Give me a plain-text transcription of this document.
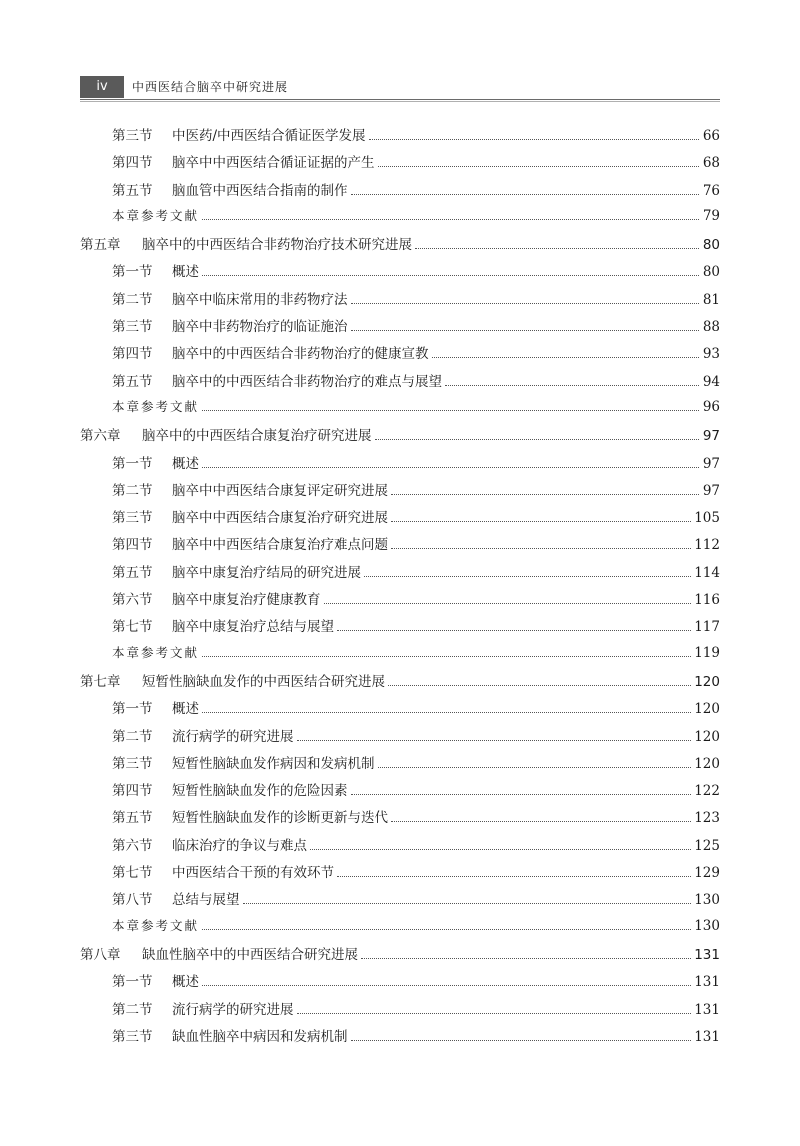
iv	中西医结合脑卒中研究进展
第三节	中医药/中西医结合循证医学发展	66
第四节	脑卒中中西医结合循证证据的产生	68
第五节	脑血管中西医结合指南的制作	76
本章参考文献	79
第五章	脑卒中的中西医结合非药物治疗技术研究进展	80
第一节	概述	80
第二节	脑卒中临床常用的非药物疗法	81
第三节	脑卒中非药物治疗的临证施治	88
第四节	脑卒中的中西医结合非药物治疗的健康宣教	93
第五节	脑卒中的中西医结合非药物治疗的难点与展望	94
本章参考文献	96
第六章	脑卒中的中西医结合康复治疗研究进展	97
第一节	概述	97
第二节	脑卒中中西医结合康复评定研究进展	97
第三节	脑卒中中西医结合康复治疗研究进展	105
第四节	脑卒中中西医结合康复治疗难点问题	112
第五节	脑卒中康复治疗结局的研究进展	114
第六节	脑卒中康复治疗健康教育	116
第七节	脑卒中康复治疗总结与展望	117
本章参考文献	119
第七章	短暂性脑缺血发作的中西医结合研究进展	120
第一节	概述	120
第二节	流行病学的研究进展	120
第三节	短暂性脑缺血发作病因和发病机制	120
第四节	短暂性脑缺血发作的危险因素	122
第五节	短暂性脑缺血发作的诊断更新与迭代	123
第六节	临床治疗的争议与难点	125
第七节	中西医结合干预的有效环节	129
第八节	总结与展望	130
本章参考文献	130
第八章	缺血性脑卒中的中西医结合研究进展	131
第一节	概述	131
第二节	流行病学的研究进展	131
第三节	缺血性脑卒中病因和发病机制	131
